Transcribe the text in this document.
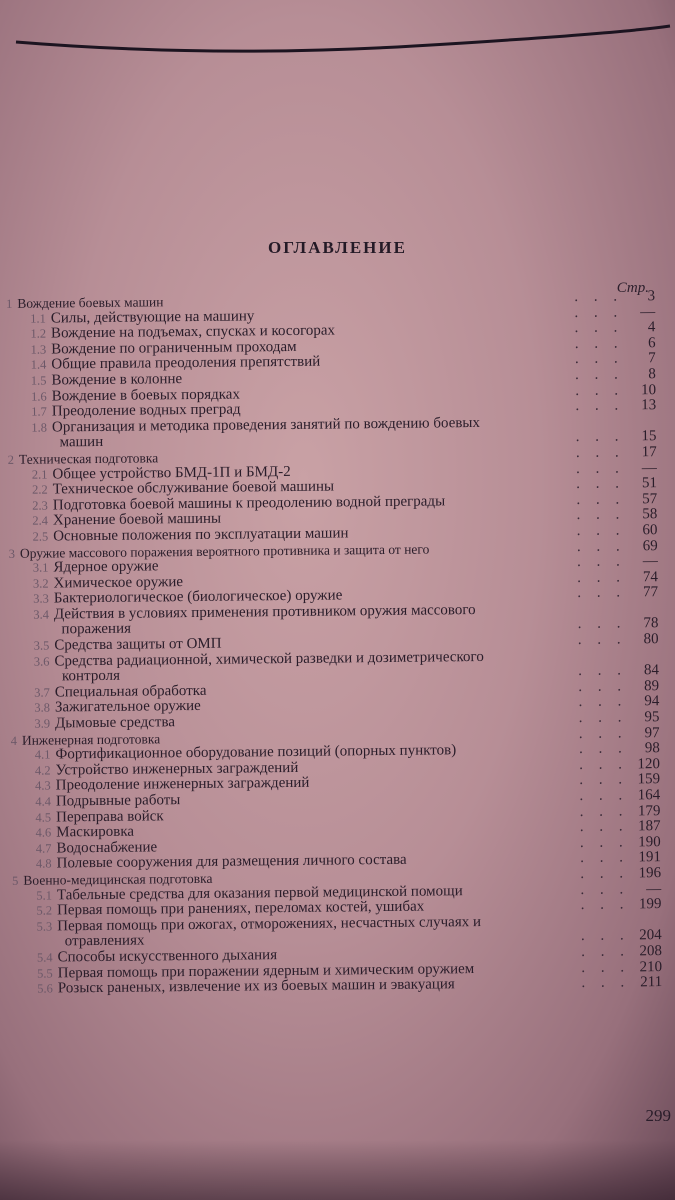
ОГЛАВЛЕНИЕ
Стр.
1 Вождение боевых машин	. . .	3
1.1 Силы, действующие на машину	. . .	—
1.2 Вождение на подъемах, спусках и косогорах	. . .	4
1.3 Вождение по ограниченным проходам	. . .	6
1.4 Общие правила преодоления препятствий	. . .	7
1.5 Вождение в колонне	. . .	8
1.6 Вождение в боевых порядках	. . .	10
1.7 Преодоление водных преград	. . .	13
1.8 Организация и методика проведения занятий по вождению боевых
машин	. . .	15
2 Техническая подготовка	. . .	17
2.1 Общее устройство БМД-1П и БМД-2	. . .	—
2.2 Техническое обслуживание боевой машины	. . .	51
2.3 Подготовка боевой машины к преодолению водной преграды	. . .	57
2.4 Хранение боевой машины	. . .	58
2.5 Основные положения по эксплуатации машин	. . .	60
3 Оружие массового поражения вероятного противника и защита от него	. . .	69
3.1 Ядерное оружие	. . .	—
3.2 Химическое оружие	. . .	74
3.3 Бактериологическое (биологическое) оружие	. . .	77
3.4 Действия в условиях применения противником оружия массового
поражения	. . .	78
3.5 Средства защиты от ОМП	. . .	80
3.6 Средства радиационной, химической разведки и дозиметрического
контроля	. . .	84
3.7 Специальная обработка	. . .	89
3.8 Зажигательное оружие	. . .	94
3.9 Дымовые средства	. . .	95
4 Инженерная подготовка	. . .	97
4.1 Фортификационное оборудование позиций (опорных пунктов)	. . .	98
4.2 Устройство инженерных заграждений	. . . 120
4.3 Преодоление инженерных заграждений	. . . 159
4.4 Подрывные работы	. . . 164
4.5 Переправа войск	. . . 179
4.6 Маскировка	. . . 187
4.7 Водоснабжение	. . . 190
4.8 Полевые сооружения для размещения личного состава	. . . 191
5 Военно-медицинская подготовка	. . . 196
5.1 Табельные средства для оказания первой медицинской помощи	. . .	—
5.2 Первая помощь при ранениях, переломах костей, ушибах	. . . 199
5.3 Первая помощь при ожогах, отморожениях, несчастных случаях и
отравлениях	. . . 204
5.4 Способы искусственного дыхания	. . . 208
5.5 Первая помощь при поражении ядерным и химическим оружием	. . . 210
5.6 Розыск раненых, извлечение их из боевых машин и эвакуация	. . . 211
299
